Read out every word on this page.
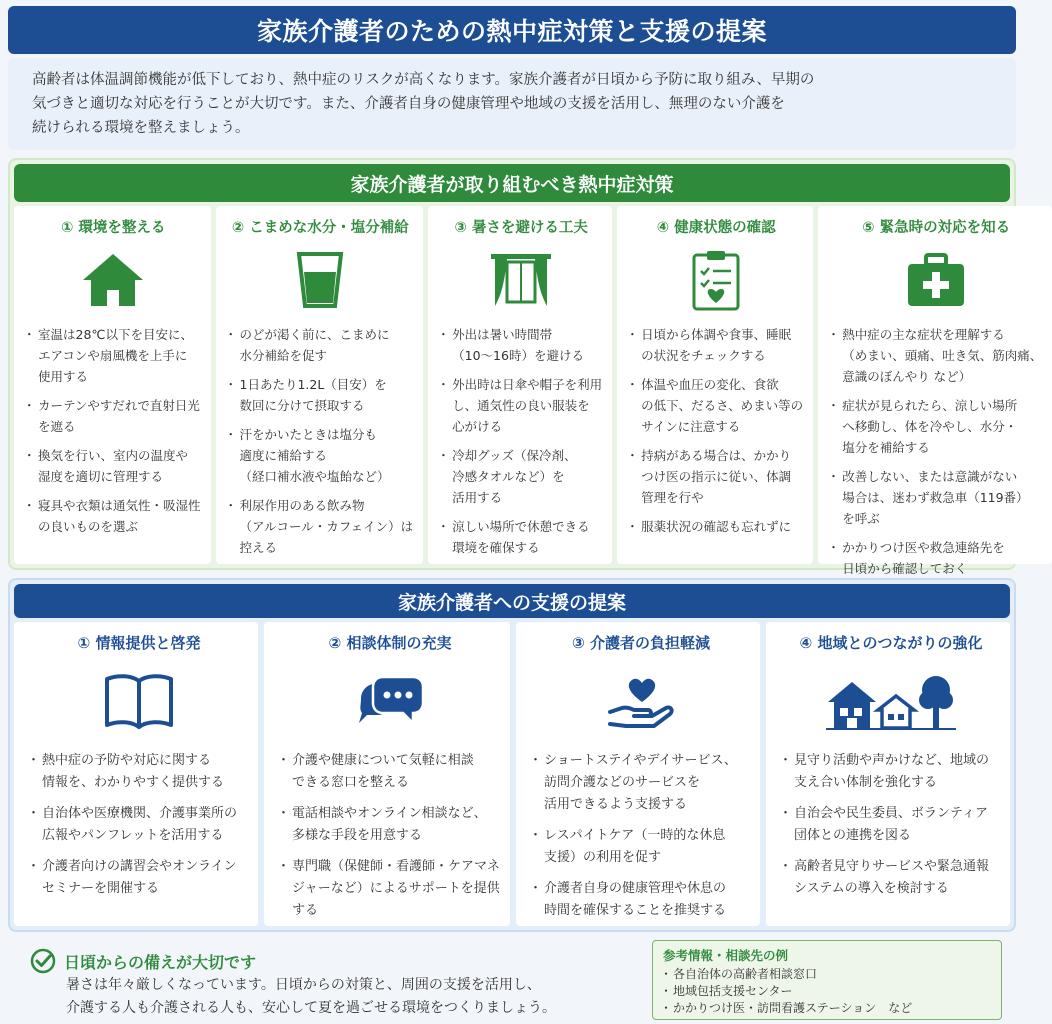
家族介護者のための熱中症対策と支援の提案

高齢者は体温調節機能が低下しており、熱中症のリスクが高くなります。家族介護者が日頃から予防に取り組み、早期の

気づきと適切な対応を行うことが大切です。また、介護者自身の健康管理や地域の支援を活用し、無理のない介護を

続けられる環境を整えましょう。

家族介護者が取り組むべき熱中症対策
① 環境を整える
・ 室温は28℃以下を目安に、
エアコンや扇風機を上手に
使用する
・ カーテンやすだれで直射日光
を遮る
・ 換気を行い、室内の温度や
湿度を適切に管理する
・ 寝具や衣類は通気性・吸湿性
の良いものを選ぶ
② こまめな水分・塩分補給
・ のどが渇く前に、こまめに
水分補給を促す
・ 1日あたり1.2L（目安）を
数回に分けて摂取する
・ 汗をかいたときは塩分も
適度に補給する
（経口補水液や塩飴など）
・ 利尿作用のある飲み物
（アルコール・カフェイン）は
控える
③ 暑さを避ける工夫
・ 外出は暑い時間帯
（10〜16時）を避ける
・ 外出時は日傘や帽子を利用
し、通気性の良い服装を
心がける
・ 冷却グッズ（保冷剤、
冷感タオルなど）を
活用する
・ 涼しい場所で休憩できる
環境を確保する
④ 健康状態の確認
・ 日頃から体調や食事、睡眠
の状況をチェックする
・ 体温や血圧の変化、食欲
の低下、だるさ、めまい等の
サインに注意する
・ 持病がある場合は、かかり
つけ医の指示に従い、体調
管理を行や
・ 服薬状況の確認も忘れずに
⑤ 緊急時の対応を知る
・ 熱中症の主な症状を理解する
（めまい、頭痛、吐き気、筋肉痛、
意識のぼんやり など）
・ 症状が見られたら、涼しい場所
へ移動し、体を冷やし、水分・
塩分を補給する
・ 改善しない、または意識がない
場合は、迷わず救急車（119番）
を呼ぶ
・ かかりつけ医や救急連絡先を
日頃から確認しておく
家族介護者への支援の提案
① 情報提供と啓発
・ 熱中症の予防や対応に関する
情報を、わかりやすく提供する
・ 自治体や医療機関、介護事業所の
広報やパンフレットを活用する
・ 介護者向けの講習会やオンライン
セミナーを開催する
② 相談体制の充実
・ 介護や健康について気軽に相談
できる窓口を整える
・ 電話相談やオンライン相談など、
多様な手段を用意する
・ 専門職（保健師・看護師・ケアマネ
ジャーなど）によるサポートを提供
する
③ 介護者の負担軽減
・ ショートステイやデイサービス、
訪問介護などのサービスを
活用できるよう支援する
・ レスパイトケア（一時的な休息
支援）の利用を促す
・ 介護者自身の健康管理や休息の
時間を確保することを推奨する
④ 地域とのつながりの強化
・ 見守り活動や声かけなど、地域の
支え合い体制を強化する
・ 自治会や民生委員、ボランティア
団体との連携を図る
・ 高齢者見守りサービスや緊急通報
システムの導入を検討する
日頃からの備えが大切です
暑さは年々厳しくなっています。日頃からの対策と、周囲の支援を活用し、
介護する人も介護される人も、安心して夏を過ごせる環境をつくりましょう。
参考情報・相談先の例
・ 各自治体の高齢者相談窓口
・ 地域包括支援センター
・ かかりつけ医・訪問看護ステーション　など
